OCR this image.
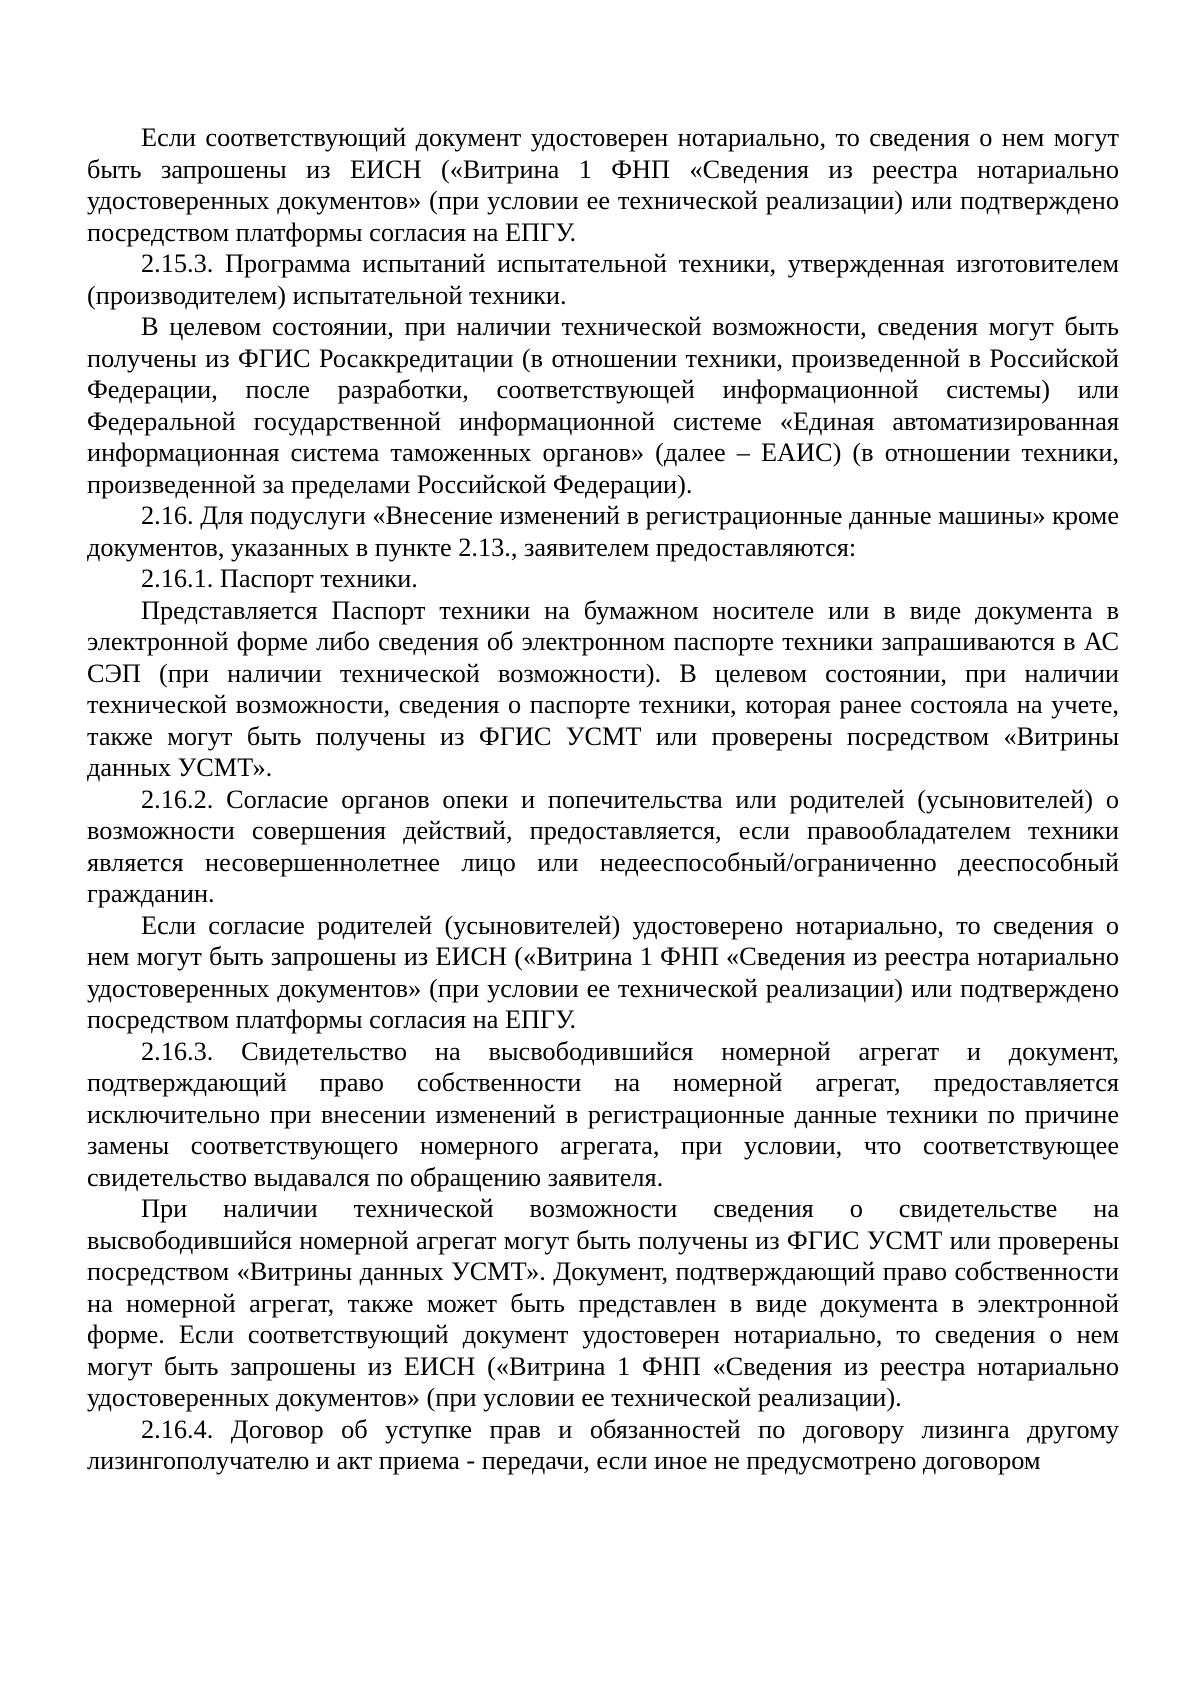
Если соответствующий документ удостоверен нотариально, то сведения о нем могут быть запрошены из ЕИСН («Витрина 1 ФНП «Сведения из реестра нотариально удостоверенных документов» (при условии ее технической реализации) или подтверждено посредством платформы согласия на ЕПГУ.

2.15.3. Программа испытаний испытательной техники, утвержденная изготовителем (производителем) испытательной техники.

В целевом состоянии, при наличии технической возможности, сведения могут быть получены из ФГИС Росаккредитации (в отношении техники, произведенной в Российской Федерации, после разработки, соответствующей информационной системы) или Федеральной государственной информационной системе «Единая автоматизированная информационная система таможенных органов» (далее – ЕАИС) (в отношении техники, произведенной за пределами Российской Федерации).

2.16. Для подуслуги «Внесение изменений в регистрационные данные машины» кроме документов, указанных в пункте 2.13., заявителем предоставляются:

2.16.1. Паспорт техники.

Представляется Паспорт техники на бумажном носителе или в виде документа в электронной форме либо сведения об электронном паспорте техники запрашиваются в АС СЭП (при наличии технической возможности). В целевом состоянии, при наличии технической возможности, сведения о паспорте техники, которая ранее состояла на учете, также могут быть получены из ФГИС УСМТ или проверены посредством «Витрины данных УСМТ».

2.16.2. Согласие органов опеки и попечительства или родителей (усыновителей) о возможности совершения действий, предоставляется, если правообладателем техники является несовершеннолетнее лицо или недееспособный/ограниченно дееспособный гражданин.

Если согласие родителей (усыновителей) удостоверено нотариально, то сведения о нем могут быть запрошены из ЕИСН («Витрина 1 ФНП «Сведения из реестра нотариально удостоверенных документов» (при условии ее технической реализации) или подтверждено посредством платформы согласия на ЕПГУ.

2.16.3. Свидетельство на высвободившийся номерной агрегат и документ, подтверждающий право собственности на номерной агрегат, предоставляется исключительно при внесении изменений в регистрационные данные техники по причине замены соответствующего номерного агрегата, при условии, что соответствующее свидетельство выдавался по обращению заявителя.

При наличии технической возможности сведения о свидетельстве на высвободившийся номерной агрегат могут быть получены из ФГИС УСМТ или проверены посредством «Витрины данных УСМТ». Документ, подтверждающий право собственности на номерной агрегат, также может быть представлен в виде документа в электронной форме. Если соответствующий документ удостоверен нотариально, то сведения о нем могут быть запрошены из ЕИСН («Витрина 1 ФНП «Сведения из реестра нотариально удостоверенных документов» (при условии ее технической реализации).

2.16.4. Договор об уступке прав и обязанностей по договору лизинга другому лизингополучателю и акт приема - передачи, если иное не предусмотрено договором
